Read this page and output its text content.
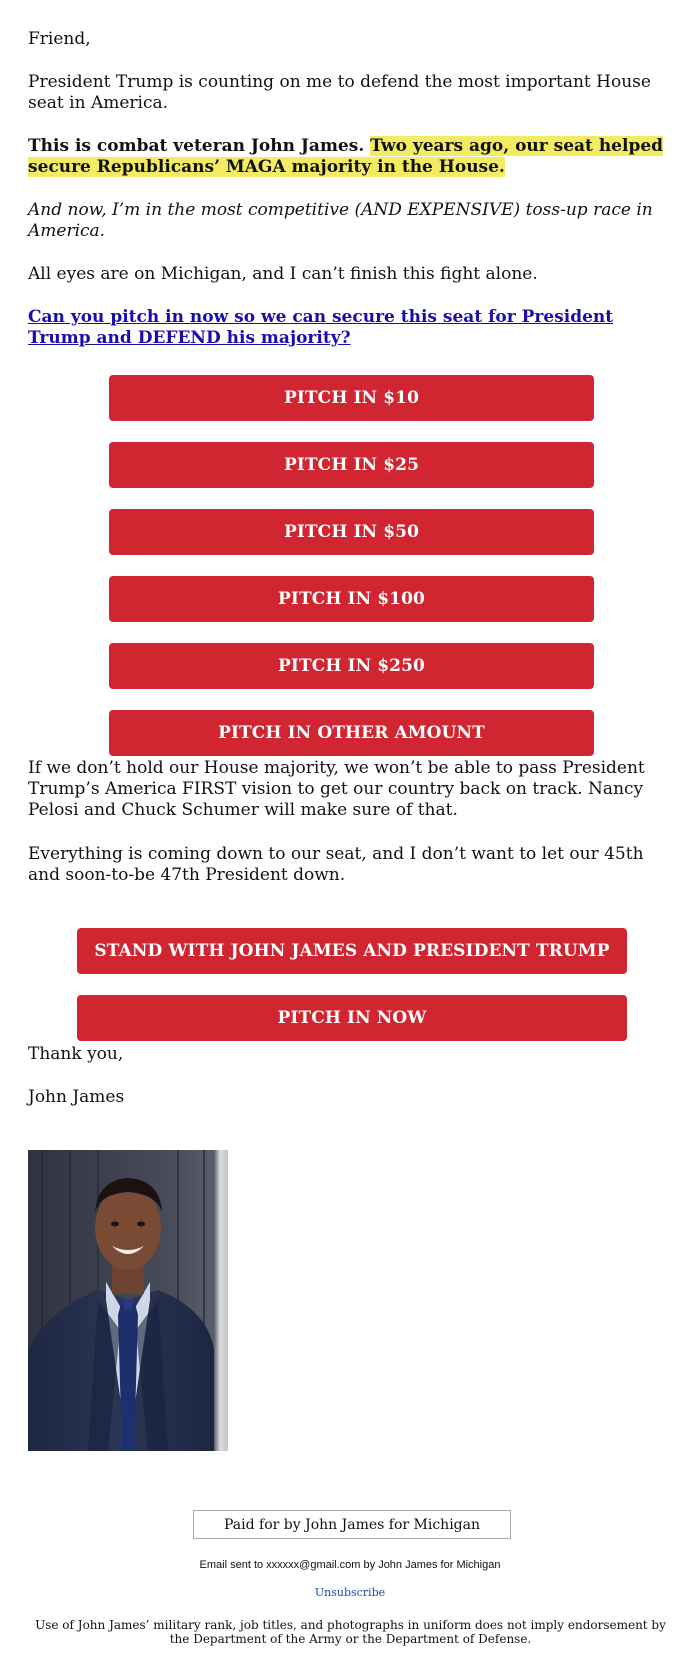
Friend,

President Trump is counting on me to defend the most important House seat in America.

This is combat veteran John James. Two years ago, our seat helped secure Republicans’ MAGA majority in the House.

And now, I’m in the most competitive (AND EXPENSIVE) toss-up race in America.

All eyes are on Michigan, and I can’t finish this fight alone.

Can you pitch in now so we can secure this seat for President Trump and DEFEND his majority?

If we don’t hold our House majority, we won’t be able to pass President Trump’s America FIRST vision to get our country back on track. Nancy Pelosi and Chuck Schumer will make sure of that.

Everything is coming down to our seat, and I don’t want to let our 45th and soon-to-be 47th President down.

Thank you,

John James

PITCH IN $10
PITCH IN $25
PITCH IN $50
PITCH IN $100
PITCH IN $250
PITCH IN OTHER AMOUNT
STAND WITH JOHN JAMES AND PRESIDENT TRUMP
PITCH IN NOW
Paid for by John James for Michigan
Email sent to xxxxxx@gmail.com by John James for Michigan
Unsubscribe
Use of John James’ military rank, job titles, and photographs in uniform does not imply endorsement by the Department of the Army or the Department of Defense.
